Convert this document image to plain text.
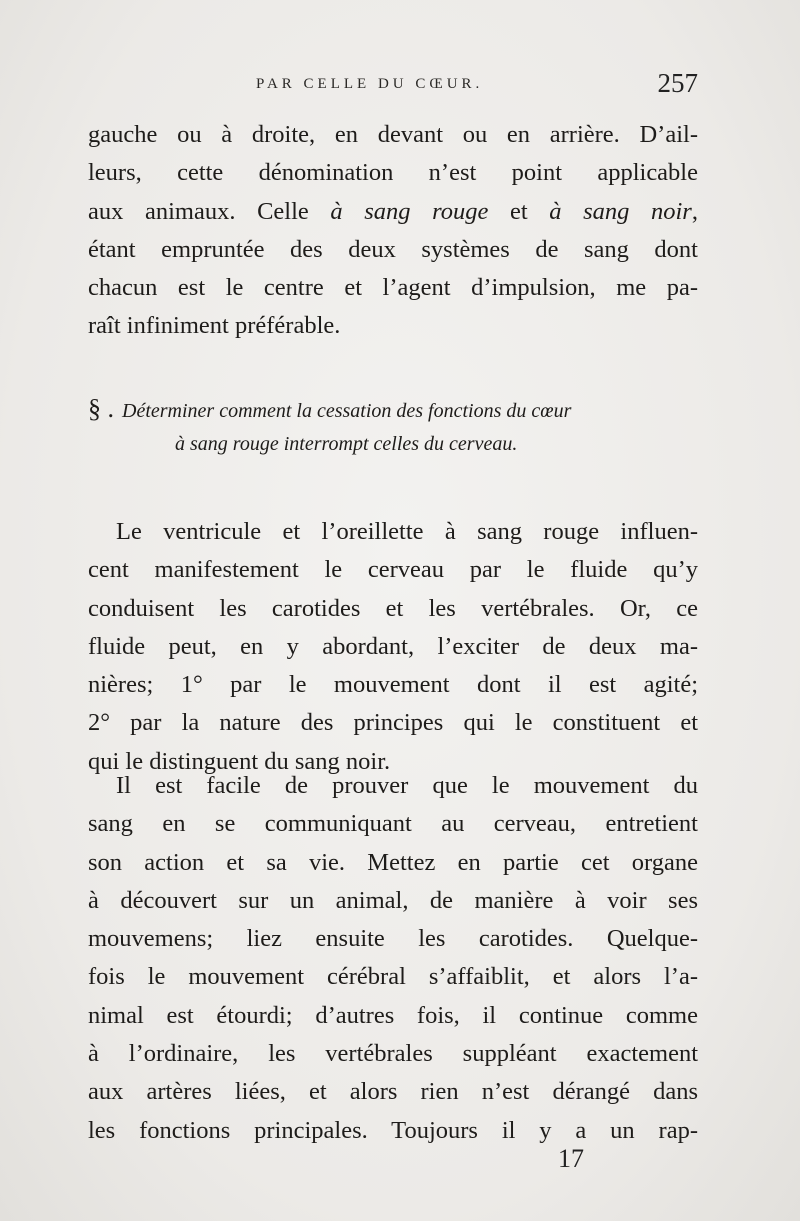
PAR CELLE DU CŒUR.	257
gauche ou à droite, en devant ou en arrière. D’ail-
leurs, cette dénomination n’est point applicable
aux animaux. Celle à sang rouge et à sang noir,
étant empruntée des deux systèmes de sang dont
chacun est le centre et l’agent d’impulsion, me pa-
raît infiniment préférable.
§ . Déterminer comment la cessation des fonctions du cœur
à sang rouge interrompt celles du cerveau.
Le ventricule et l’oreillette à sang rouge influen-
cent manifestement le cerveau par le fluide qu’y
conduisent les carotides et les vertébrales. Or, ce
fluide peut, en y abordant, l’exciter de deux ma-
nières; 1° par le mouvement dont il est agité;
2° par la nature des principes qui le constituent et
qui le distinguent du sang noir.
Il est facile de prouver que le mouvement du
sang en se communiquant au cerveau, entretient
son action et sa vie. Mettez en partie cet organe
à découvert sur un animal, de manière à voir ses
mouvemens; liez ensuite les carotides. Quelque-
fois le mouvement cérébral s’affaiblit, et alors l’a-
nimal est étourdi; d’autres fois, il continue comme
à l’ordinaire, les vertébrales suppléant exactement
aux artères liées, et alors rien n’est dérangé dans
les fonctions principales. Toujours il y a un rap-
17
